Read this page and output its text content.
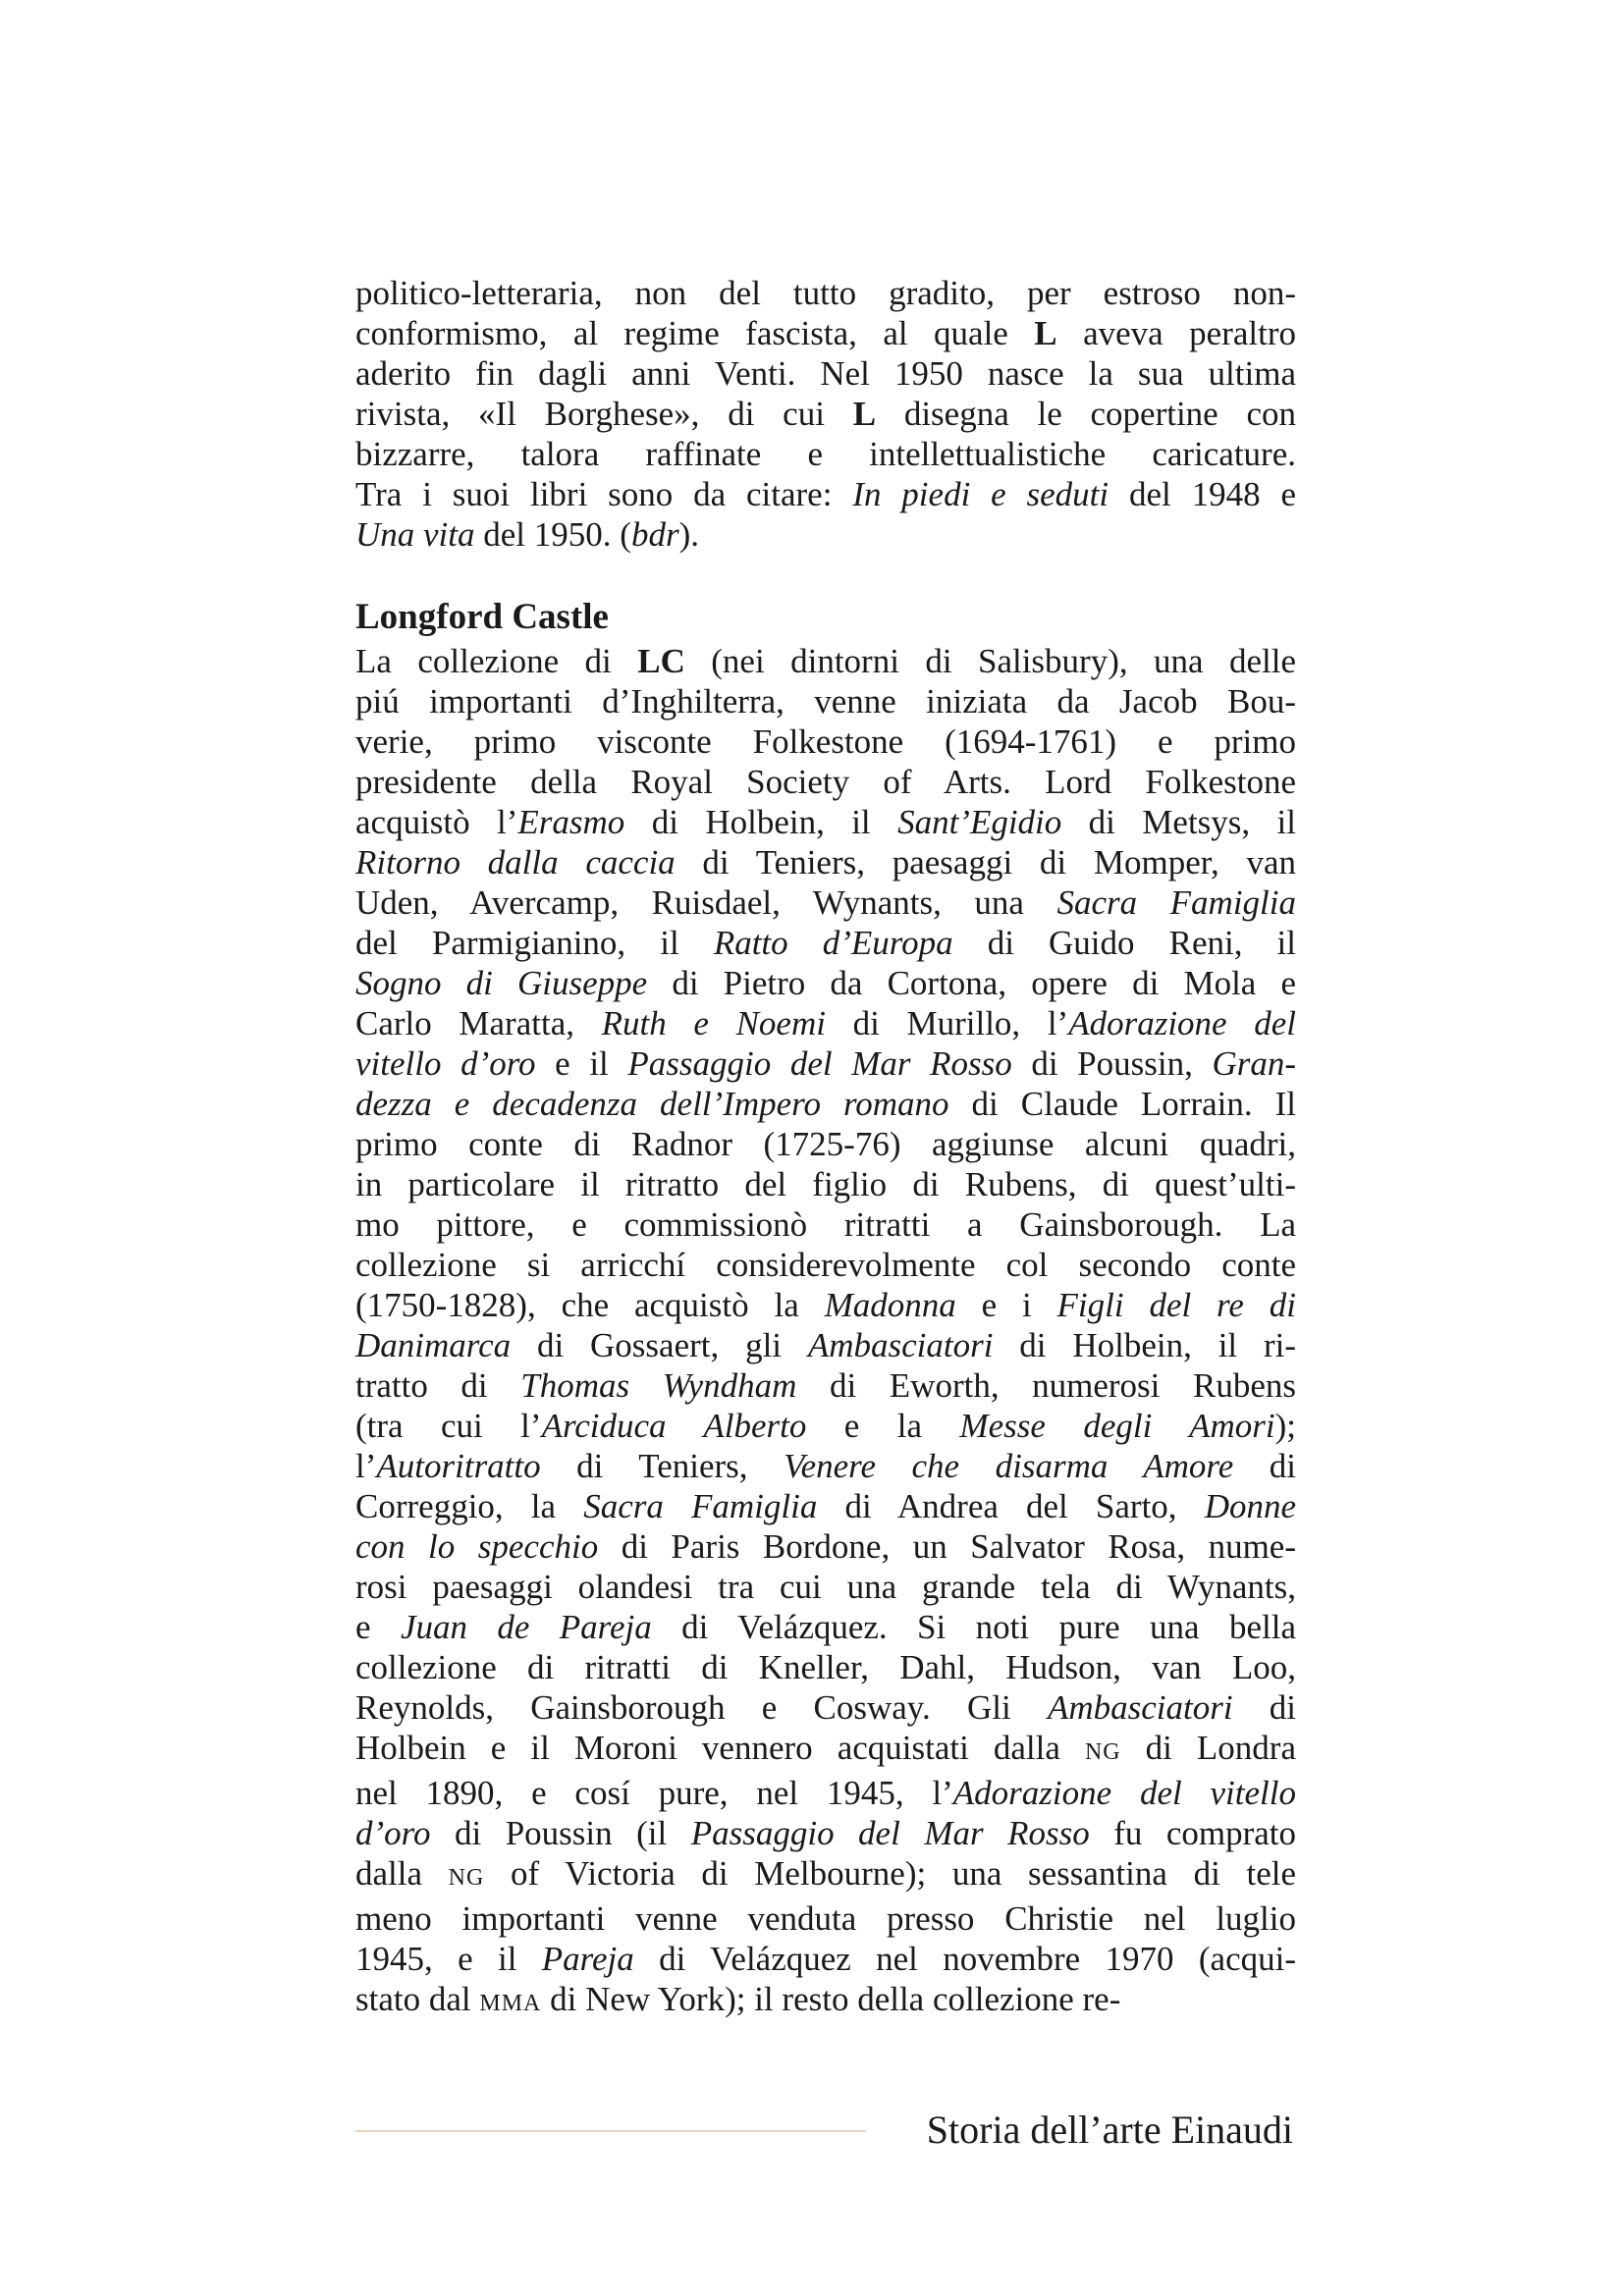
politico-letteraria, non del tutto gradito, per estroso non-
conformismo, al regime fascista, al quale L aveva peraltro
aderito fin dagli anni Venti. Nel 1950 nasce la sua ultima
rivista, «Il Borghese», di cui L disegna le copertine con
bizzarre, talora raffinate e intellettualistiche caricature.
Tra i suoi libri sono da citare: In piedi e seduti del 1948 e
Una vita del 1950. (bdr).
Longford Castle
La collezione di LC (nei dintorni di Salisbury), una delle
piú importanti d’Inghilterra, venne iniziata da Jacob Bou-
verie, primo visconte Folkestone (1694-1761) e primo
presidente della Royal Society of Arts. Lord Folkestone
acquistò l’Erasmo di Holbein, il Sant’Egidio di Metsys, il
Ritorno dalla caccia di Teniers, paesaggi di Momper, van
Uden, Avercamp, Ruisdael, Wynants, una Sacra Famiglia
del Parmigianino, il Ratto d’Europa di Guido Reni, il
Sogno di Giuseppe di Pietro da Cortona, opere di Mola e
Carlo Maratta, Ruth e Noemi di Murillo, l’Adorazione del
vitello d’oro e il Passaggio del Mar Rosso di Poussin, Gran-
dezza e decadenza dell’Impero romano di Claude Lorrain. Il
primo conte di Radnor (1725-76) aggiunse alcuni quadri,
in particolare il ritratto del figlio di Rubens, di quest’ulti-
mo pittore, e commissionò ritratti a Gainsborough. La
collezione si arricchí considerevolmente col secondo conte
(1750-1828), che acquistò la Madonna e i Figli del re di
Danimarca di Gossaert, gli Ambasciatori di Holbein, il ri-
tratto di Thomas Wyndham di Eworth, numerosi Rubens
(tra cui l’Arciduca Alberto e la Messe degli Amori);
l’Autoritratto di Teniers, Venere che disarma Amore di
Correggio, la Sacra Famiglia di Andrea del Sarto, Donne
con lo specchio di Paris Bordone, un Salvator Rosa, nume-
rosi paesaggi olandesi tra cui una grande tela di Wynants,
e Juan de Pareja di Velázquez. Si noti pure una bella
collezione di ritratti di Kneller, Dahl, Hudson, van Loo,
Reynolds, Gainsborough e Cosway. Gli Ambasciatori di
Holbein e il Moroni vennero acquistati dalla NG di Londra
nel 1890, e cosí pure, nel 1945, l’Adorazione del vitello
d’oro di Poussin (il Passaggio del Mar Rosso fu comprato
dalla NG of Victoria di Melbourne); una sessantina di tele
meno importanti venne venduta presso Christie nel luglio
1945, e il Pareja di Velázquez nel novembre 1970 (acqui-
stato dal MMA di New York); il resto della collezione re-
Storia dell’arte Einaudi
